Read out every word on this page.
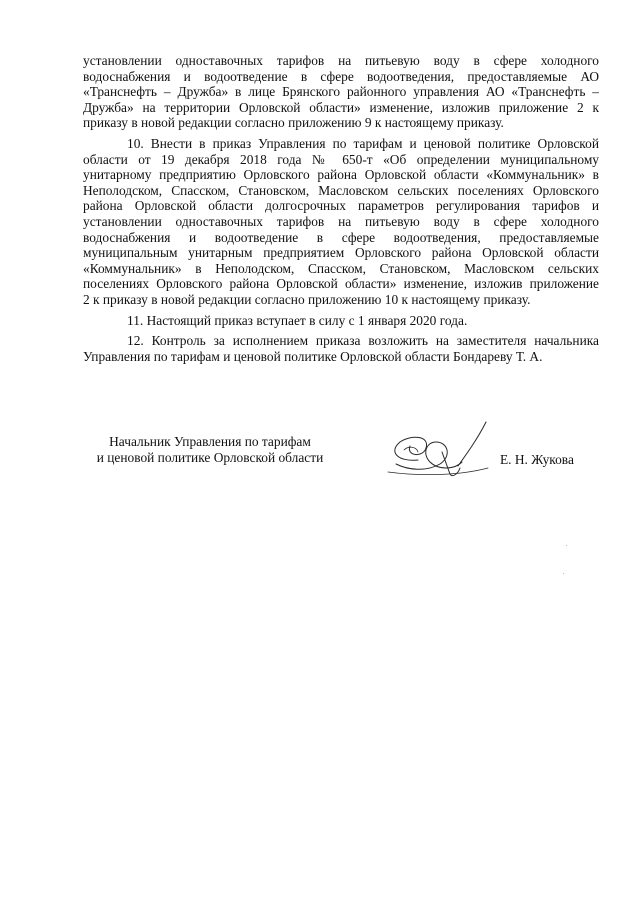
установлении одноставочных тарифов на питьевую воду в сфере холодного
водоснабжения и водоотведение в сфере водоотведения, предоставляемые АО
«Транснефть – Дружба» в лице Брянского районного управления АО «Транснефть –
Дружба» на территории Орловской области» изменение, изложив приложение 2 к
приказу в новой редакции согласно приложению 9 к настоящему приказу.
10. Внести в приказ Управления по тарифам и ценовой политике Орловской
области от 19 декабря 2018 года № 650-т «Об определении муниципальному
унитарному предприятию Орловского района Орловской области «Коммунальник» в
Неполодском, Спасском, Становском, Масловском сельских поселениях Орловского
района Орловской области долгосрочных параметров регулирования тарифов и
установлении одноставочных тарифов на питьевую воду в сфере холодного
водоснабжения и водоотведение в сфере водоотведения, предоставляемые
муниципальным унитарным предприятием Орловского района Орловской области
«Коммунальник» в Неполодском, Спасском, Становском, Масловском сельских
поселениях Орловского района Орловской области» изменение, изложив приложение
2 к приказу в новой редакции согласно приложению 10 к настоящему приказу.
11. Настоящий приказ вступает в силу с 1 января 2020 года.
12. Контроль за исполнением приказа возложить на заместителя начальника
Управления по тарифам и ценовой политике Орловской области Бондареву Т. А.
Начальник Управления по тарифам
и ценовой политике Орловской области	Е. Н. Жукова
